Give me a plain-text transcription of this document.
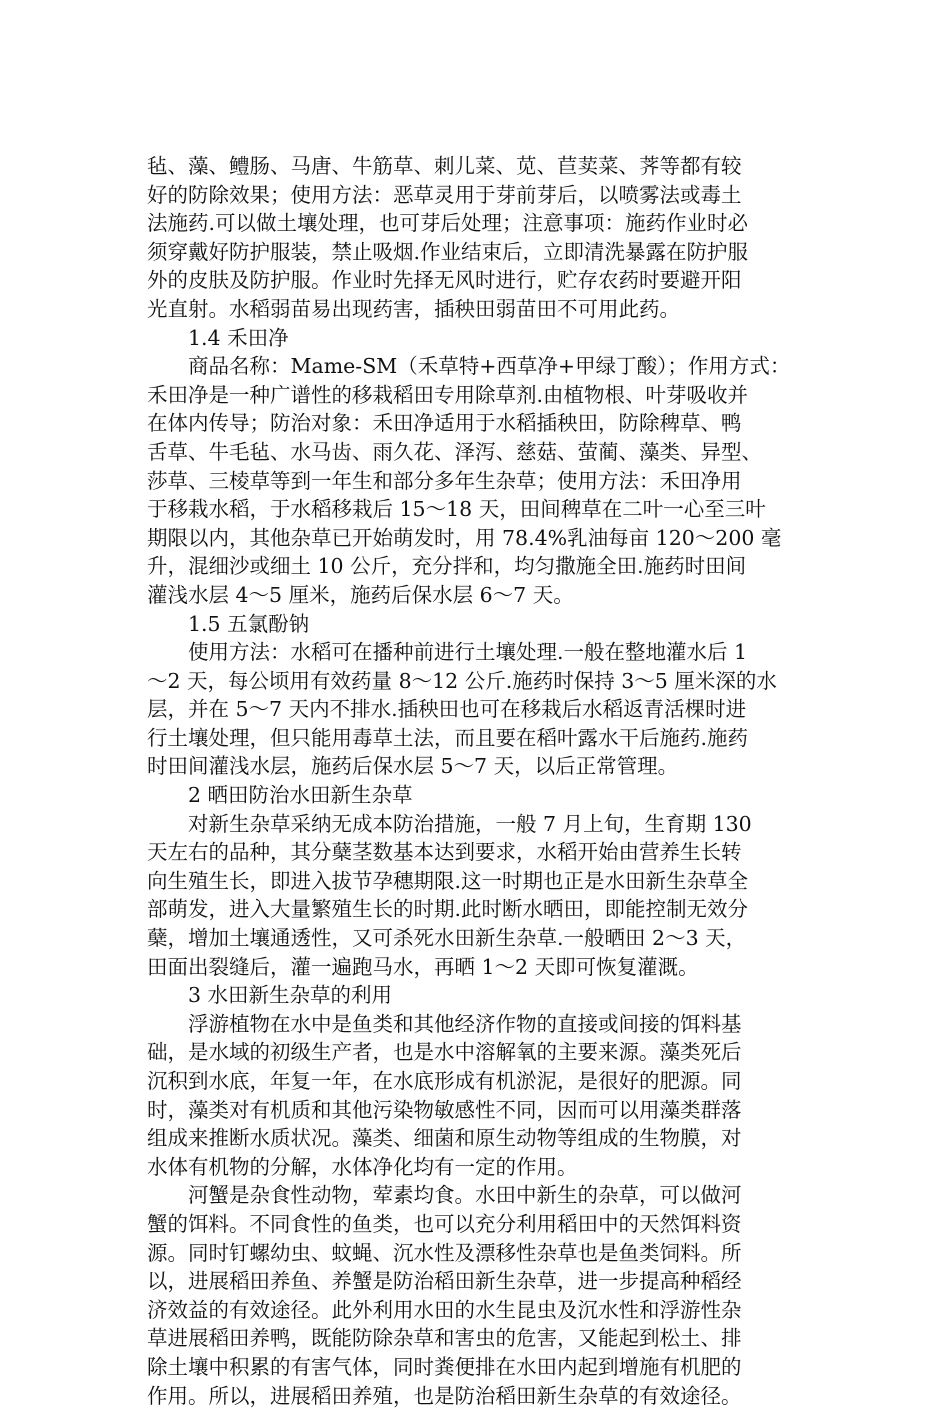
毡、藻、鳢肠、马唐、牛筋草、刺儿菜、苋、苣荬菜、荠等都有较
好的防除效果；使用方法：恶草灵用于芽前芽后，以喷雾法或毒土
法施药.可以做土壤处理，也可芽后处理；注意事项：施药作业时必
须穿戴好防护服装，禁止吸烟.作业结束后，立即清洗暴露在防护服
外的皮肤及防护服。作业时先择无风时进行，贮存农药时要避开阳
光直射。水稻弱苗易出现药害，插秧田弱苗田不可用此药。
1.4 禾田净
商品名称：Mame-SM（禾草特+西草净+甲绿丁酸）；作用方式：
禾田净是一种广谱性的移栽稻田专用除草剂.由植物根、叶芽吸收并
在体内传导；防治对象：禾田净适用于水稻插秧田，防除稗草、鸭
舌草、牛毛毡、水马齿、雨久花、泽泻、慈菇、萤蔺、藻类、异型、
莎草、三棱草等到一年生和部分多年生杂草；使用方法：禾田净用
于移栽水稻，于水稻移栽后 15～18 天，田间稗草在二叶一心至三叶
期限以内，其他杂草已开始萌发时，用 78.4%乳油每亩 120～200 毫
升，混细沙或细土 10 公斤，充分拌和，均匀撒施全田.施药时田间
灌浅水层 4～5 厘米，施药后保水层 6～7 天。
1.5 五氯酚钠
使用方法：水稻可在播种前进行土壤处理.一般在整地灌水后 1
～2 天，每公顷用有效药量 8～12 公斤.施药时保持 3～5 厘米深的水
层，并在 5～7 天内不排水.插秧田也可在移栽后水稻返青活棵时进
行土壤处理，但只能用毒草土法，而且要在稻叶露水干后施药.施药
时田间灌浅水层，施药后保水层 5～7 天，以后正常管理。
2 晒田防治水田新生杂草
对新生杂草采纳无成本防治措施，一般 7 月上旬，生育期 130
天左右的品种，其分蘖茎数基本达到要求，水稻开始由营养生长转
向生殖生长，即进入拔节孕穗期限.这一时期也正是水田新生杂草全
部萌发，进入大量繁殖生长的时期.此时断水晒田，即能控制无效分
蘖，增加土壤通透性，又可杀死水田新生杂草.一般晒田 2～3 天，
田面出裂缝后，灌一遍跑马水，再晒 1～2 天即可恢复灌溉。
3 水田新生杂草的利用
浮游植物在水中是鱼类和其他经济作物的直接或间接的饵料基
础，是水域的初级生产者，也是水中溶解氧的主要来源。藻类死后
沉积到水底，年复一年，在水底形成有机淤泥，是很好的肥源。同
时，藻类对有机质和其他污染物敏感性不同，因而可以用藻类群落
组成来推断水质状况。藻类、细菌和原生动物等组成的生物膜，对
水体有机物的分解，水体净化均有一定的作用。
河蟹是杂食性动物，荤素均食。水田中新生的杂草，可以做河
蟹的饵料。不同食性的鱼类，也可以充分利用稻田中的天然饵料资
源。同时钉螺幼虫、蚊蝇、沉水性及漂移性杂草也是鱼类饲料。所
以，进展稻田养鱼、养蟹是防治稻田新生杂草，进一步提高种稻经
济效益的有效途径。此外利用水田的水生昆虫及沉水性和浮游性杂
草进展稻田养鸭，既能防除杂草和害虫的危害，又能起到松土、排
除土壤中积累的有害气体，同时粪便排在水田内起到增施有机肥的
作用。所以，进展稻田养殖，也是防治稻田新生杂草的有效途径。
